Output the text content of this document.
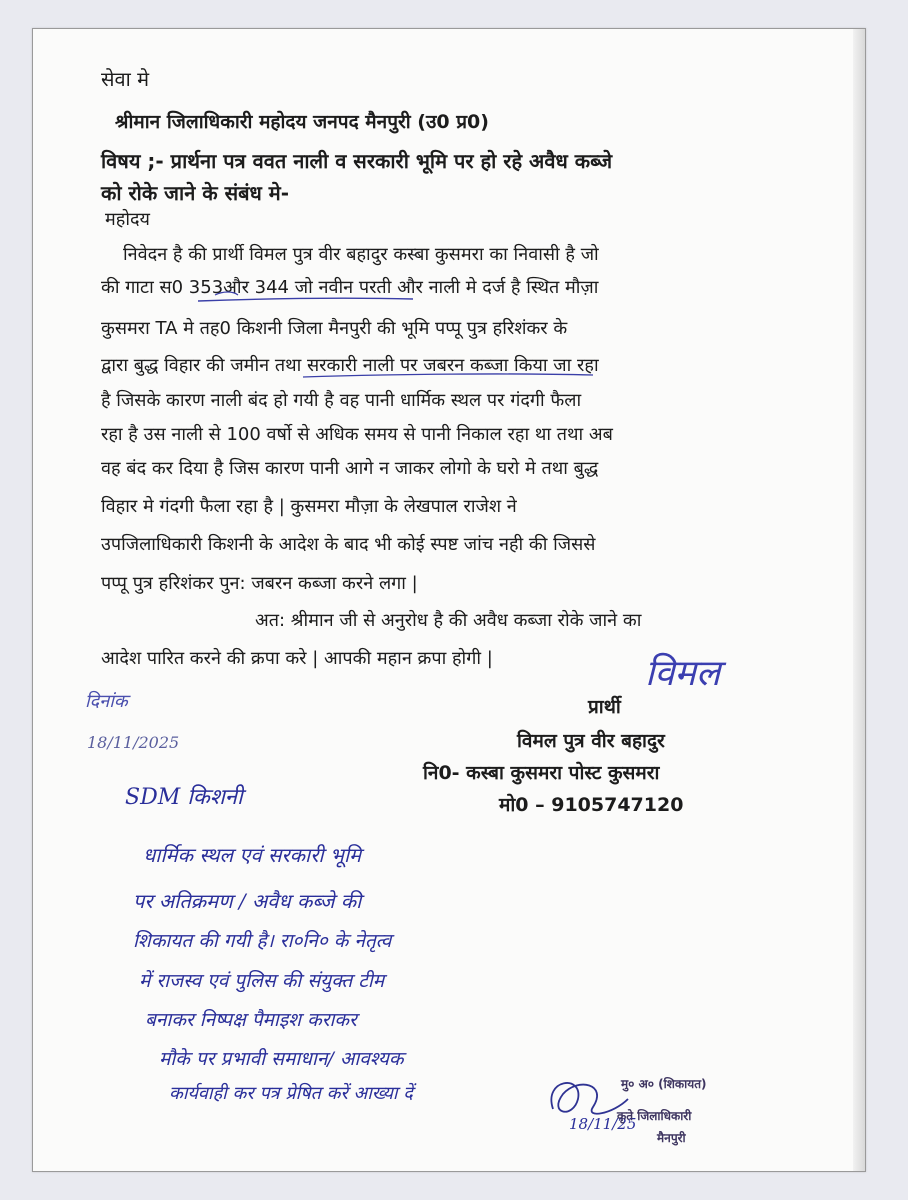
सेवा मे
श्रीमान जिलाधिकारी महोदय जनपद मैनपुरी (उ0 प्र0)
विषय ;- प्रार्थना पत्र ववत नाली व सरकारी भूमि पर हो रहे अवैध कब्जे
को रोके जाने के संबंध मे-
महोदय
निवेदन है की प्रार्थी विमल पुत्र वीर बहादुर कस्बा कुसमरा का निवासी है जो
की गाटा स0 353और 344 जो नवीन परती और नाली मे दर्ज है स्थित मौज़ा
कुसमरा TA मे तह0 किशनी जिला मैनपुरी की भूमि पप्पू पुत्र हरिशंकर के
द्वारा बुद्ध विहार की जमीन तथा सरकारी नाली पर जबरन कब्जा किया जा रहा
है जिसके कारण नाली बंद हो गयी है वह पानी धार्मिक स्थल पर गंदगी फैला
रहा है उस नाली से 100 वर्षो से अधिक समय से पानी निकाल रहा था तथा अब
वह बंद कर दिया है जिस कारण पानी आगे न जाकर लोगो के घरो मे तथा बुद्ध
विहार मे गंदगी फैला रहा है | कुसमरा मौज़ा के लेखपाल राजेश ने
उपजिलाधिकारी किशनी के आदेश के बाद भी कोई स्पष्ट जांच नही की जिससे
पप्पू पुत्र हरिशंकर पुन: जबरन कब्जा करने लगा |
अत: श्रीमान जी से अनुरोध है की अवैध कब्जा रोके जाने का
आदेश पारित करने की क्रपा करे | आपकी महान क्रपा होगी |	विमल
दिनांक
18/11/2025
प्रार्थी
विमल पुत्र वीर बहादुर
नि0- कस्बा कुसमरा पोस्ट कुसमरा
मो0 – 9105747120
SDM किशनी
धार्मिक स्थल एवं सरकारी भूमि
पर अतिक्रमण / अवैध कब्जे की
शिकायत की गयी है। रा०नि० के नेतृत्व
में राजस्व एवं पुलिस की संयुक्त टीम
बनाकर निष्पक्ष पैमाइश कराकर
मौके पर प्रभावी समाधान/ आवश्यक
कार्यवाही कर पत्र प्रेषित करें आख्या दें
18/11/25
मु० अ० (शिकायत)
कृते जिलाधिकारी
मैनपुरी
